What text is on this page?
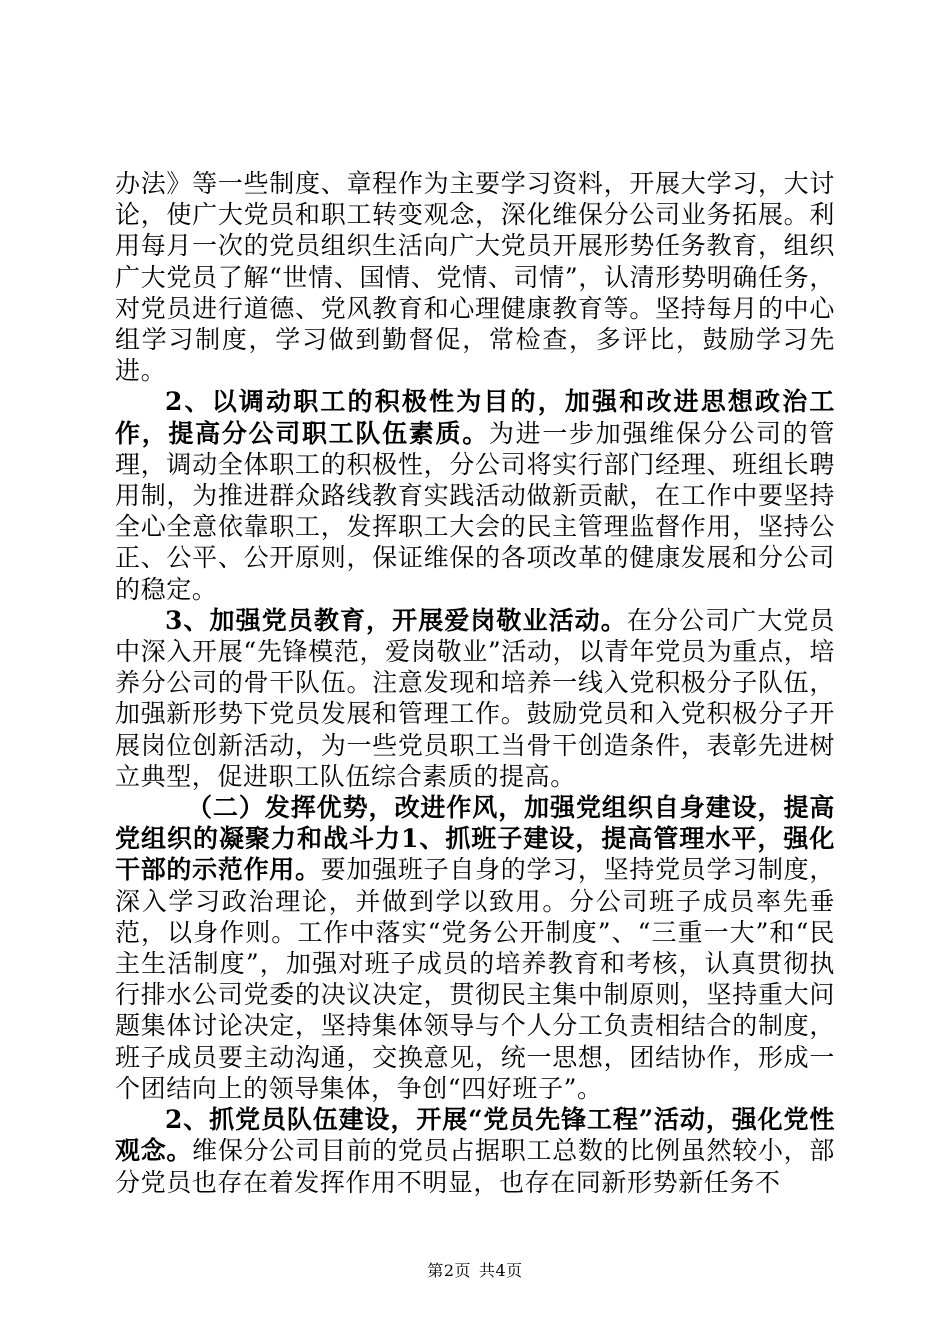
办法》等一些制度、章程作为主要学习资料，开展大学习，大讨论，使广大党员和职工转变观念，深化维保分公司业务拓展。利用每月一次的党员组织生活向广大党员开展形势任务教育，组织广大党员了解“世情、国情、党情、司情”，认清形势明确任务，对党员进行道德、党风教育和心理健康教育等。坚持每月的中心组学习制度，学习做到勤督促，常检查，多评比，鼓励学习先进。

2、以调动职工的积极性为目的，加强和改进思想政治工作，提高分公司职工队伍素质。为进一步加强维保分公司的管理，调动全体职工的积极性，分公司将实行部门经理、班组长聘用制，为推进群众路线教育实践活动做新贡献，在工作中要坚持全心全意依靠职工，发挥职工大会的民主管理监督作用，坚持公正、公平、公开原则，保证维保的各项改革的健康发展和分公司的稳定。

3、加强党员教育，开展爱岗敬业活动。在分公司广大党员中深入开展“先锋模范，爱岗敬业”活动，以青年党员为重点，培养分公司的骨干队伍。注意发现和培养一线入党积极分子队伍，加强新形势下党员发展和管理工作。鼓励党员和入党积极分子开展岗位创新活动，为一些党员职工当骨干创造条件，表彰先进树立典型，促进职工队伍综合素质的提高。

（二）发挥优势，改进作风，加强党组织自身建设，提高党组织的凝聚力和战斗力1、抓班子建设，提高管理水平，强化干部的示范作用。要加强班子自身的学习，坚持党员学习制度，深入学习政治理论，并做到学以致用。分公司班子成员率先垂范，以身作则。工作中落实“党务公开制度”、“三重一大”和“民主生活制度”，加强对班子成员的培养教育和考核，认真贯彻执行排水公司党委的决议决定，贯彻民主集中制原则，坚持重大问题集体讨论决定，坚持集体领导与个人分工负责相结合的制度，班子成员要主动沟通，交换意见，统一思想，团结协作，形成一个团结向上的领导集体，争创“四好班子”。

2、抓党员队伍建设，开展“党员先锋工程”活动，强化党性观念。维保分公司目前的党员占据职工总数的比例虽然较小，部分党员也存在着发挥作用不明显，也存在同新形势新任务不

第2页 共4页
